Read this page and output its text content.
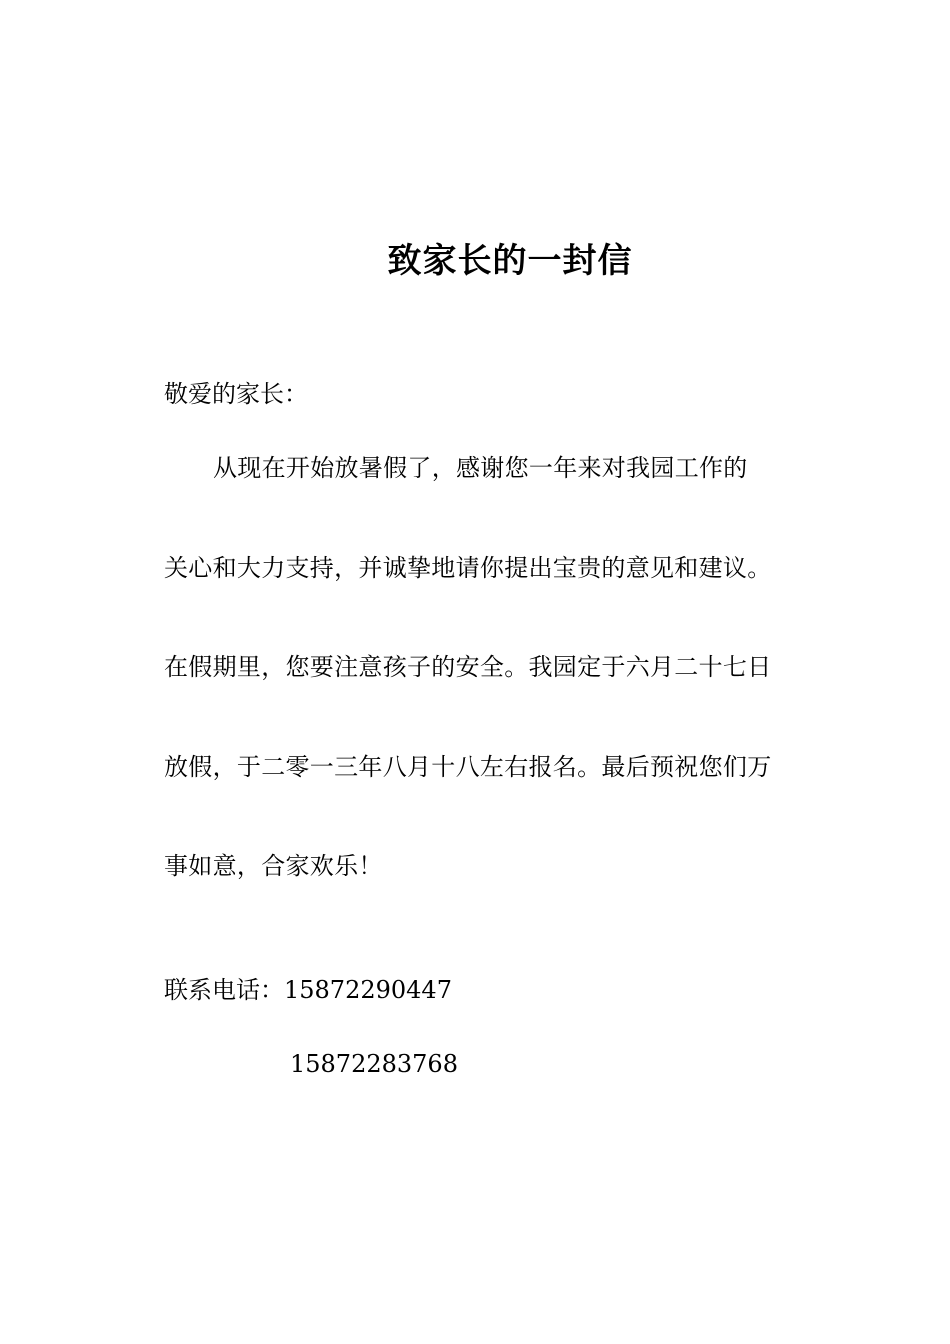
致家长的一封信
敬爱的家长：
从现在开始放暑假了，感谢您一年来对我园工作的
关心和大力支持，并诚挚地请你提出宝贵的意见和建议。
在假期里，您要注意孩子的安全。我园定于六月二十七日
放假，于二零一三年八月十八左右报名。最后预祝您们万
事如意，合家欢乐！
联系电话：15872290447
15872283768
